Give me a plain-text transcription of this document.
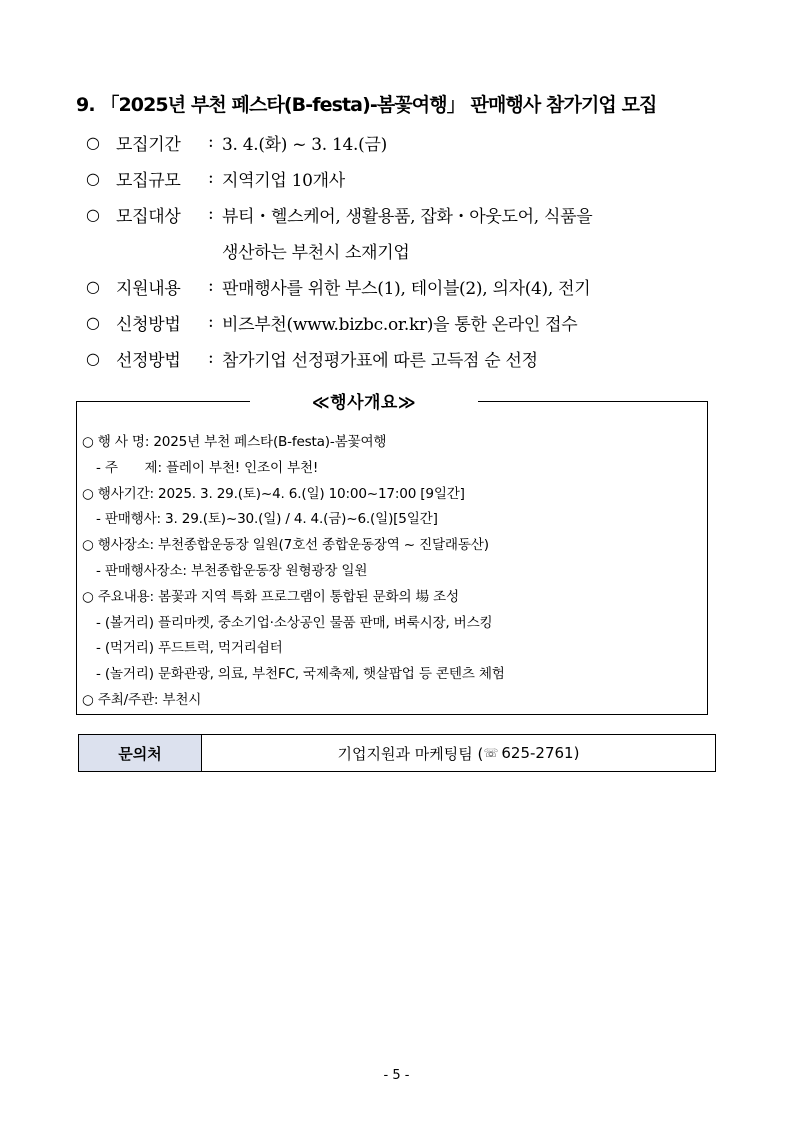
9. 「2025년 부천 페스타(B-festa)-봄꽃여행」 판매행사 참가기업 모집
○ 모집기간	: 3. 4.(화) ~ 3. 14.(금)
○ 모집규모	: 지역기업 10개사
○ 모집대상	: 뷰티・헬스케어, 생활용품, 잡화・아웃도어, 식품을
생산하는 부천시 소재기업
○ 지원내용	: 판매행사를 위한 부스(1), 테이블(2), 의자(4), 전기
○ 신청방법	: 비즈부천(www.bizbc.or.kr)을 통한 온라인 접수
○ 선정방법	: 참가기업 선정평가표에 따른 고득점 순 선정
≪행사개요≫
○ 행 사 명: 2025년 부천 페스타(B-festa)-봄꽃여행
- 주　　제: 플레이 부천! 인조이 부천!
○ 행사기간: 2025. 3. 29.(토)~4. 6.(일) 10:00~17:00 [9일간]
- 판매행사: 3. 29.(토)~30.(일) / 4. 4.(금)~6.(일)[5일간]
○ 행사장소: 부천종합운동장 일원(7호선 종합운동장역 ~ 진달래동산)
- 판매행사장소: 부천종합운동장 원형광장 일원
○ 주요내용: 봄꽃과 지역 특화 프로그램이 통합된 문화의 場 조성
- (볼거리) 플리마켓, 중소기업·소상공인 물품 판매, 벼룩시장, 버스킹
- (먹거리) 푸드트럭, 먹거리쉼터
- (놀거리) 문화관광, 의료, 부천FC, 국제축제, 햇살팝업 등 콘텐츠 체험
○ 주최/주관: 부천시
문의처	기업지원과 마케팅팀 ( ☏ 625-2761)
- 5 -
